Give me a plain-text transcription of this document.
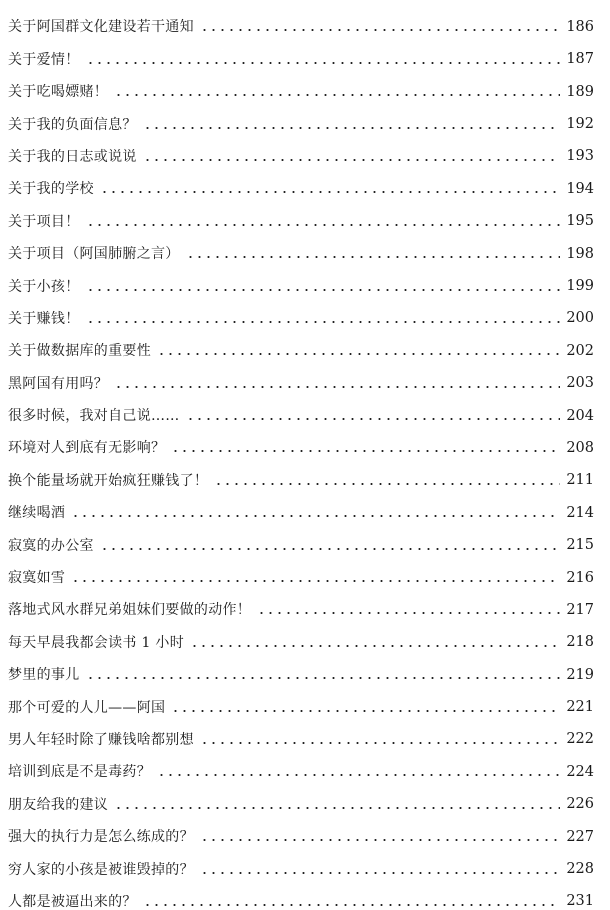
关于阿国群文化建设若干通知	186
关于爱情！	187
关于吃喝嫖赌！	189
关于我的负面信息？	192
关于我的日志或说说	193
关于我的学校	194
关于项目！	195
关于项目（阿国肺腑之言）	198
关于小孩！	199
关于赚钱！	200
关于做数据库的重要性	202
黑阿国有用吗？	203
很多时候，我对自己说……	204
环境对人到底有无影响？	208
换个能量场就开始疯狂赚钱了！	211
继续喝酒	214
寂寞的办公室	215
寂寞如雪	216
落地式风水群兄弟姐妹们要做的动作！	217
每天早晨我都会读书 1 小时	218
梦里的事儿	219
那个可爱的人儿——阿国	221
男人年轻时除了赚钱啥都别想	222
培训到底是不是毒药？	224
朋友给我的建议	226
强大的执行力是怎么练成的？	227
穷人家的小孩是被谁毁掉的？	228
人都是被逼出来的？	231
